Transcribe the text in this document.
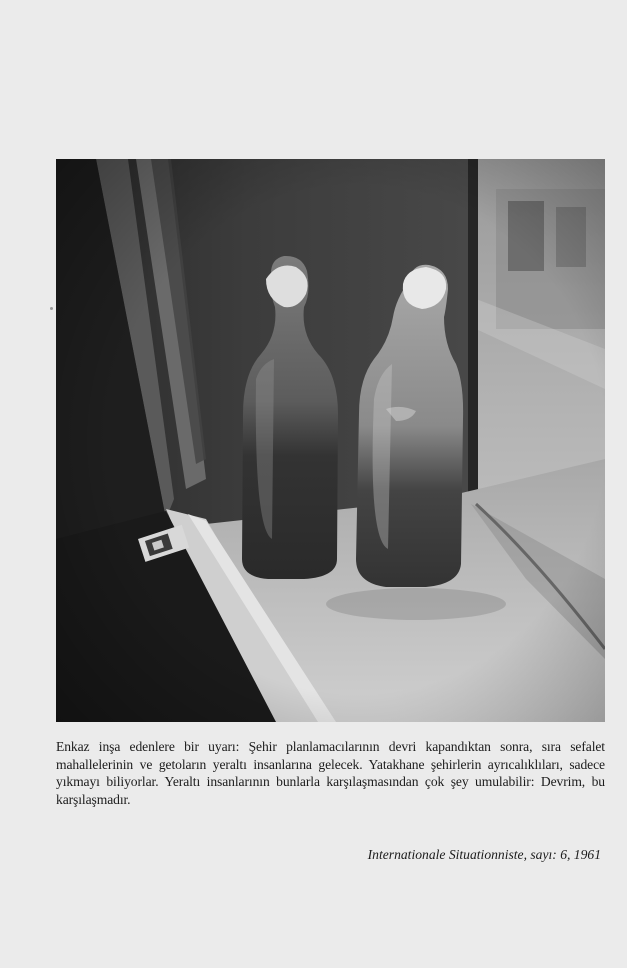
Enkaz inşa edenlere bir uyarı: Şehir planlamacılarının devri kapandıktan sonra, sıra sefalet mahallelerinin ve getoların yeraltı insanlarına gelecek. Yatakhane şehirlerin ayrıcalıklıları, sadece yıkmayı biliyorlar. Yeraltı insanlarının bunlarla karşılaşmasından çok şey umulabilir: Devrim, bu karşılaşmadır.

Internationale Situationniste, sayı: 6, 1961
